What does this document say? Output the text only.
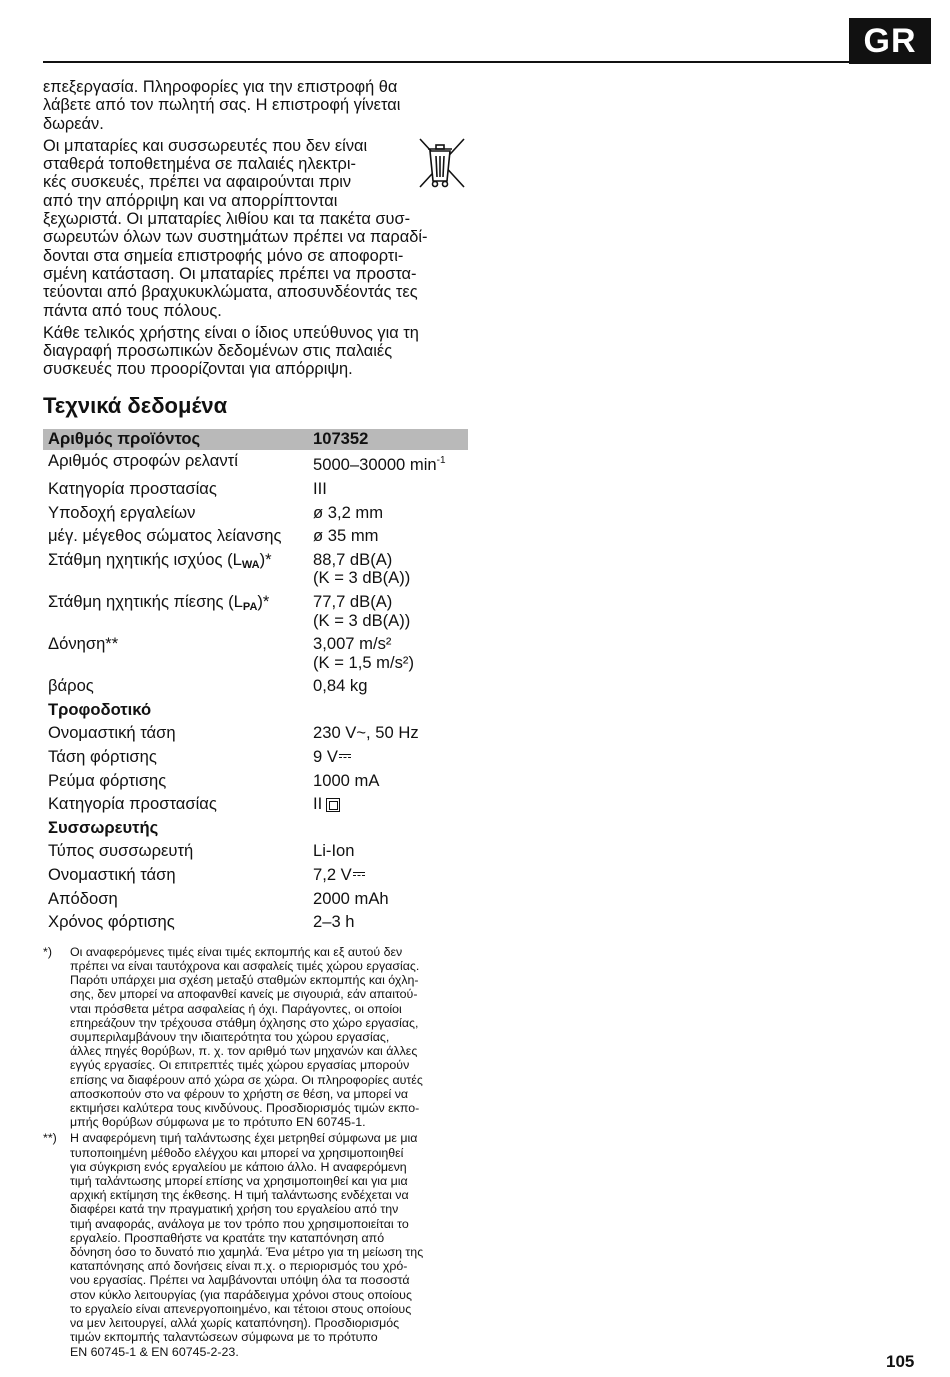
GR
επεξεργασία. Πληροφορίες για την επιστροφή θα
λάβετε από τον πωλητή σας. Η επιστροφή γίνεται
δωρεάν.
Οι μπαταρίες και συσσωρευτές που δεν είναι
σταθερά τοποθετημένα σε παλαιές ηλεκτρι-
κές συσκευές, πρέπει να αφαιρούνται πριν
από την απόρριψη και να απορρίπτονται
ξεχωριστά. Οι μπαταρίες λιθίου και τα πακέτα συσ-
σωρευτών όλων των συστημάτων πρέπει να παραδί-
δονται στα σημεία επιστροφής μόνο σε αποφορτι-
σμένη κατάσταση. Οι μπαταρίες πρέπει να προστα-
τεύονται από βραχυκυκλώματα, αποσυνδέοντάς τες
πάντα από τους πόλους.
Κάθε τελικός χρήστης είναι ο ίδιος υπεύθυνος για τη
διαγραφή προσωπικών δεδομένων στις παλαιές
συσκευές που προορίζονται για απόρριψη.
Τεχνικά δεδομένα
Αριθμός προϊόντος	107352
Αριθμός στροφών ρελαντί	5000–30000 $\min^{-1}$
Κατηγορία προστασίας	III
Υποδοχή εργαλείων	ø 3,2 mm
μέγ. μέγεθος σώματος λείανσης	ø 35 mm
Στάθμη ηχητικής ισχύος $(L_{WA})*$	88,7 dB(A)
(K = 3 dB(A))

Στάθμη ηχητικής πίεσης $(L_{PA})*$	77,7 dB(A)
(K = 3 dB(A))

Δόνηση**	3,007 m/s²
(K = 1,5 m/s²)

βάρος	0,84 kg
Τροφοδοτικό	
Ονομαστική τάση	230 V~, 50 Hz
Τάση φόρτισης	9 V
Ρεύμα φόρτισης	1000 mA
Κατηγορία προστασίας	II
Συσσωρευτής	
Τύπος συσσωρευτή	Li-Ion
Ονομαστική τάση	7,2 V
Απόδοση	2000 mAh
Χρόνος φόρτισης	2–3 h
*) Οι αναφερόμενες τιμές είναι τιμές εκπομπής και εξ αυτού δεν
πρέπει να είναι ταυτόχρονα και ασφαλείς τιμές χώρου εργασίας.
Παρότι υπάρχει μια σχέση μεταξύ σταθμών εκπομπής και όχλη-
σης, δεν μπορεί να αποφανθεί κανείς με σιγουριά, εάν απαιτού-
νται πρόσθετα μέτρα ασφαλείας ή όχι. Παράγοντες, οι οποίοι
επηρεάζουν την τρέχουσα στάθμη όχλησης στο χώρο εργασίας,
συμπεριλαμβάνουν την ιδιαιτερότητα του χώρου εργασίας,
άλλες πηγές θορύβων, π. χ. τον αριθμό των μηχανών και άλλες
εγγύς εργασίες. Οι επιτρεπτές τιμές χώρου εργασίας μπορούν
επίσης να διαφέρουν από χώρα σε χώρα. Οι πληροφορίες αυτές
αποσκοπούν στο να φέρουν το χρήστη σε θέση, να μπορεί να
εκτιμήσει καλύτερα τους κινδύνους. Προσδιορισμός τιμών εκπο-
μπής θορύβων σύμφωνα με το πρότυπο EN 60745-1.
**) Η αναφερόμενη τιμή ταλάντωσης έχει μετρηθεί σύμφωνα με μια
τυποποιημένη μέθοδο ελέγχου και μπορεί να χρησιμοποιηθεί
για σύγκριση ενός εργαλείου με κάποιο άλλο. Η αναφερόμενη
τιμή ταλάντωσης μπορεί επίσης να χρησιμοποιηθεί και για μια
αρχική εκτίμηση της έκθεσης. Η τιμή ταλάντωσης ενδέχεται να
διαφέρει κατά την πραγματική χρήση του εργαλείου από την
τιμή αναφοράς, ανάλογα με τον τρόπο που χρησιμοποιείται το
εργαλείο. Προσπαθήστε να κρατάτε την καταπόνηση από
δόνηση όσο το δυνατό πιο χαμηλά. Ένα μέτρο για τη μείωση της
καταπόνησης από δονήσεις είναι π.χ. ο περιορισμός του χρό-
νου εργασίας. Πρέπει να λαμβάνονται υπόψη όλα τα ποσοστά
στον κύκλο λειτουργίας (για παράδειγμα χρόνοι στους οποίους
το εργαλείο είναι απενεργοποιημένο, και τέτοιοι στους οποίους
να μεν λειτουργεί, αλλά χωρίς καταπόνηση). Προσδιορισμός
τιμών εκπομπής ταλαντώσεων σύμφωνα με το πρότυπο
EN 60745-1 & EN 60745-2-23.
105
